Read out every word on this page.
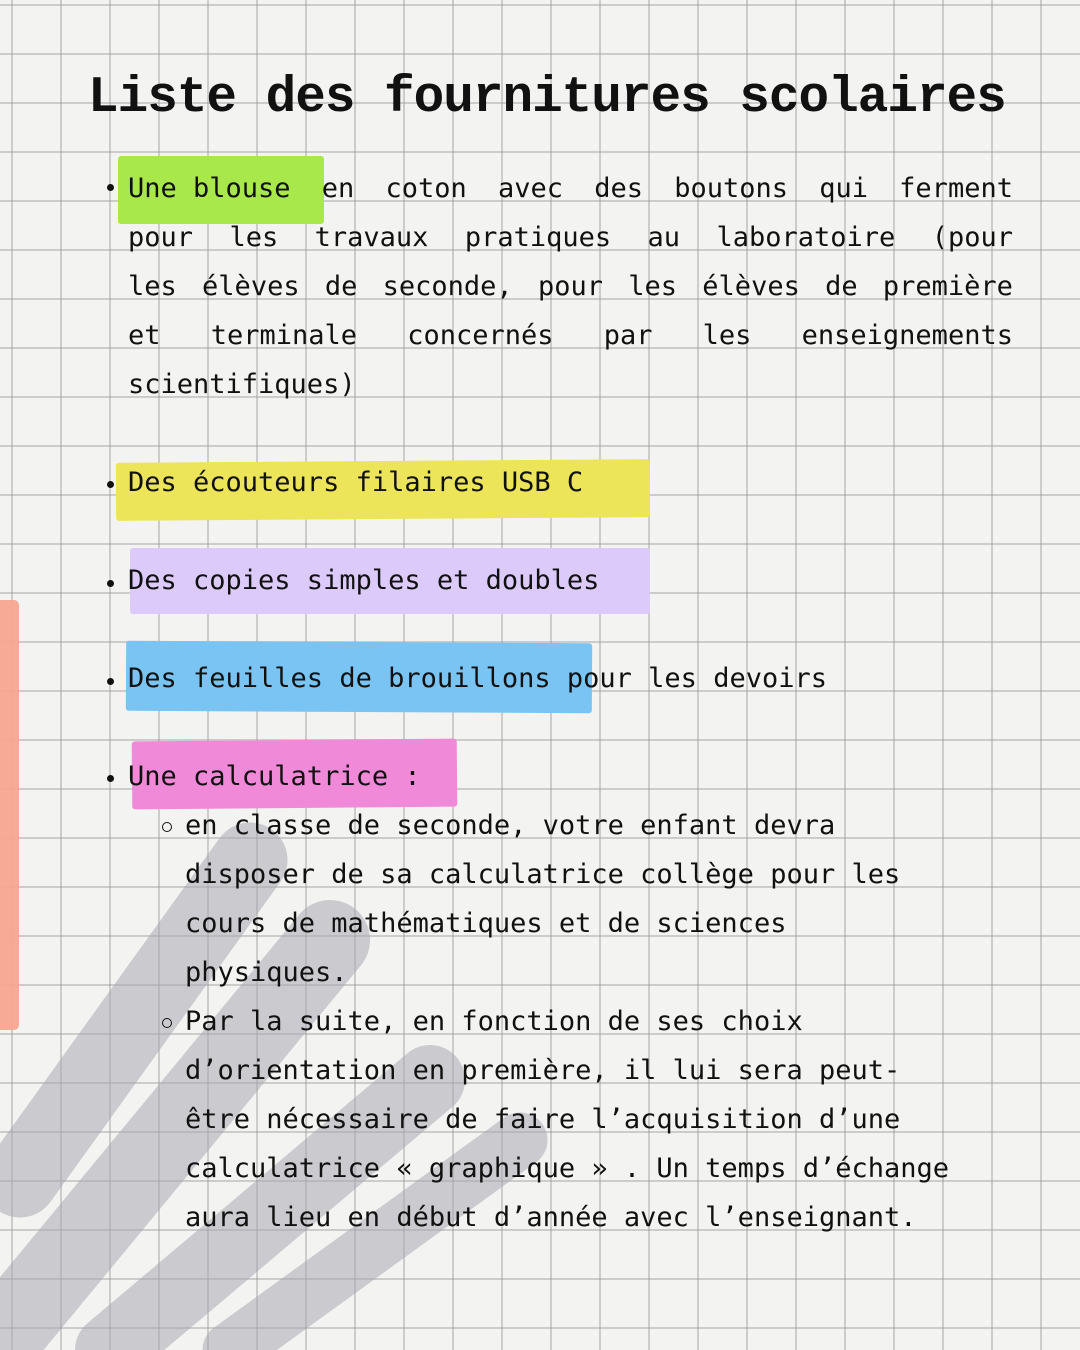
Liste des fournitures scolaires
Une blouse en coton avec des boutons qui ferment
pour les travaux pratiques au laboratoire (pour
les élèves de seconde, pour les élèves de première
et terminale concernés par les enseignements
scientifiques)
Des écouteurs filaires USB C
Des copies simples et doubles
Des feuilles de brouillons pour les devoirs
Une calculatrice :
en classe de seconde, votre enfant devra
disposer de sa calculatrice collège pour les
cours de mathématiques et de sciences
physiques.
Par la suite, en fonction de ses choix
d’orientation en première, il lui sera peut-
être nécessaire de faire l’acquisition d’une
calculatrice « graphique » . Un temps d’échange
aura lieu en début d’année avec l’enseignant.
